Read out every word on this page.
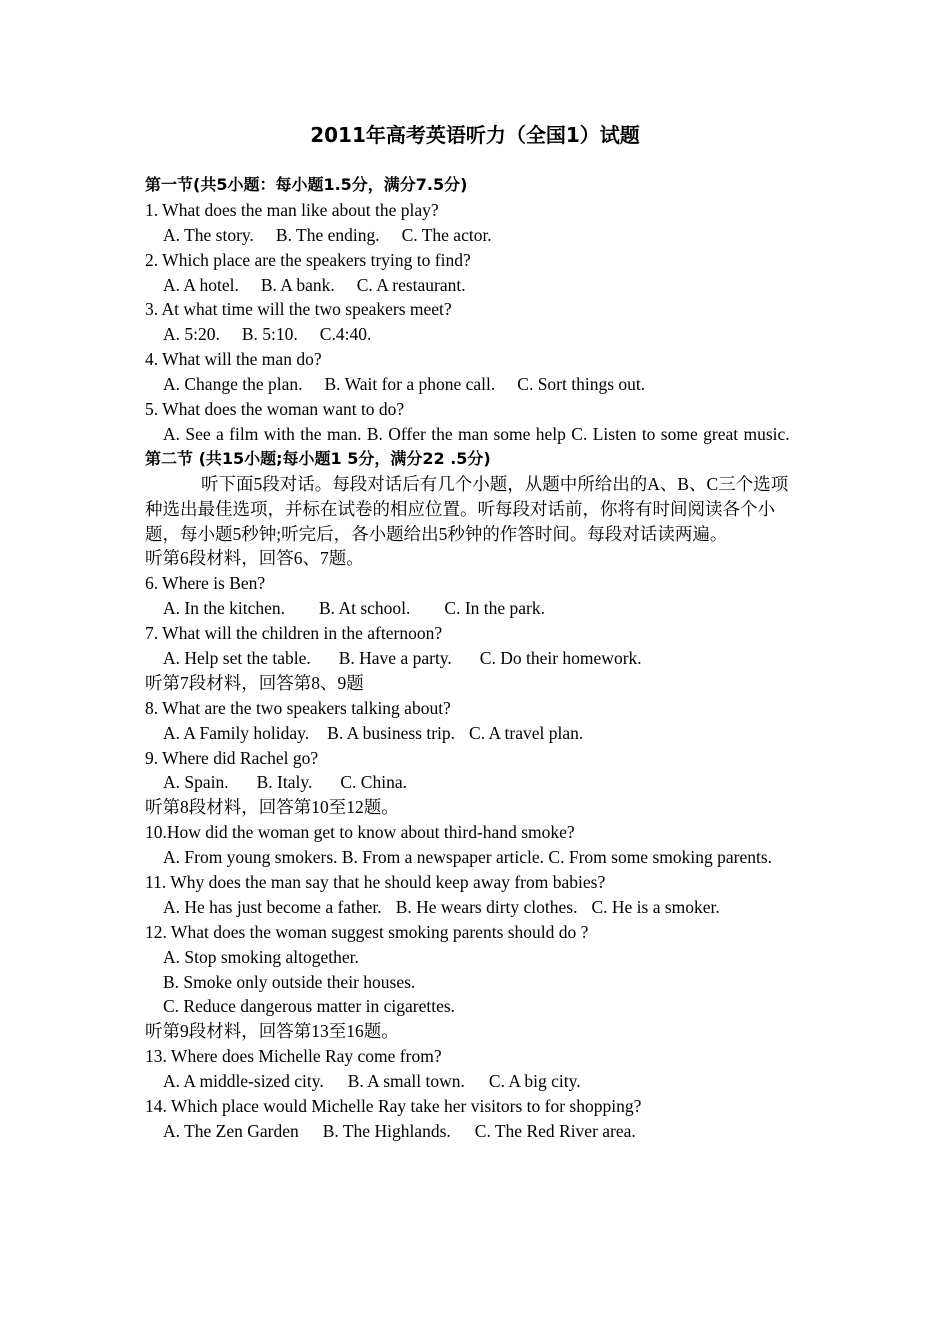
2011年高考英语听力（全国1）试题
第一节(共5小题：每小题1.5分，满分7.5分)
1. What does the man like about the play?
A. The story. B. The ending. C. The actor.
2. Which place are the speakers trying to find?
A. A hotel. B. A bank. C. A restaurant.
3. At what time will the two speakers meet?
A. 5:20. B. 5:10. C.4:40.
4. What will the man do?
A. Change the plan. B. Wait for a phone call. C. Sort things out.
5. What does the woman want to do?
A. See a film with the man. B. Offer the man some help C. Listen to some great music.
第二节 (共15小题;每小题1 5分，满分22 .5分)
听下面5段对话。每段对话后有几个小题，从题中所给出的A、B、C三个选项种选出最佳选项，并标在试卷的相应位置。听每段对话前，你将有时间阅读各个小题，每小题5秒钟;听完后，各小题给出5秒钟的作答时间。每段对话读两遍。
听第6段材料，回答6、7题。
6. Where is Ben?
A. In the kitchen. B. At school. C. In the park.
7. What will the children in the afternoon?
A. Help set the table. B. Have a party. C. Do their homework.
听第7段材料，回答第8、9题
8. What are the two speakers talking about?
A. A Family holiday. B. A business trip. C. A travel plan.
9. Where did Rachel go?
A. Spain. B. Italy. C. China.
听第8段材料，回答第10至12题。
10.How did the woman get to know about third-hand smoke?
A. From young smokers. B. From a newspaper article. C. From some smoking parents.
11. Why does the man say that he should keep away from babies?
A. He has just become a father. B. He wears dirty clothes. C. He is a smoker.
12. What does the woman suggest smoking parents should do ?
A. Stop smoking altogether.
B. Smoke only outside their houses.
C. Reduce dangerous matter in cigarettes.
听第9段材料，回答第13至16题。
13. Where does Michelle Ray come from?
A. A middle-sized city. B. A small town. C. A big city.
14. Which place would Michelle Ray take her visitors to for shopping?
A. The Zen Garden B. The Highlands. C. The Red River area.
